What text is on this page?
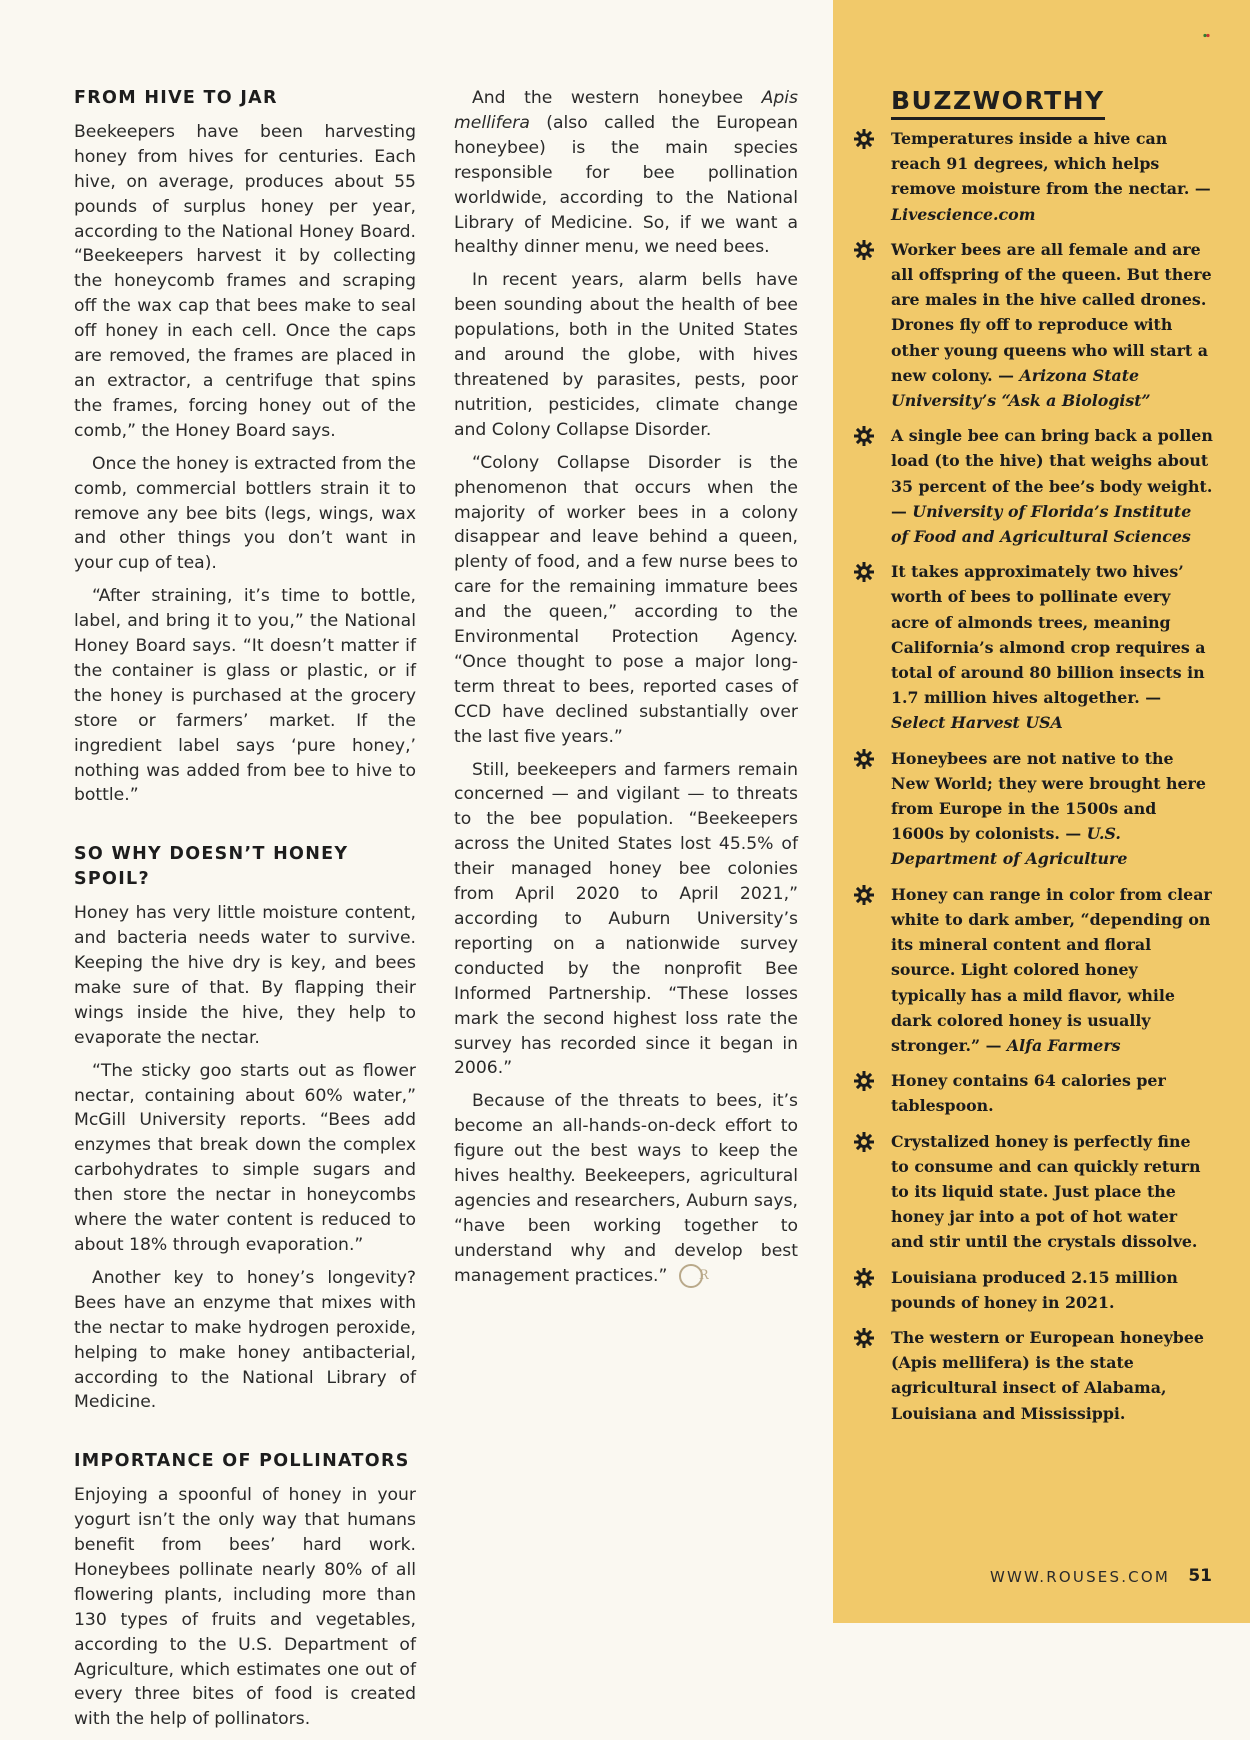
FROM HIVE TO JAR

Beekeepers have been harvesting honey from hives for centuries. Each hive, on average, produces about 55 pounds of surplus honey per year, according to the National Honey Board. “Beekeepers harvest it by collecting the honeycomb frames and scraping off the wax cap that bees make to seal off honey in each cell. Once the caps are removed, the frames are placed in an extractor, a centrifuge that spins the frames, forcing honey out of the comb,” the Honey Board says.

Once the honey is extracted from the comb, commercial bottlers strain it to remove any bee bits (legs, wings, wax and other things you don’t want in your cup of tea).

“After straining, it’s time to bottle, label, and bring it to you,” the National Honey Board says. “It doesn’t matter if the container is glass or plastic, or if the honey is purchased at the grocery store or farmers’ market. If the ingredient label says ‘pure honey,’ nothing was added from bee to hive to bottle.”

SO WHY DOESN’T HONEY SPOIL?

Honey has very little moisture content, and bacteria needs water to survive. Keeping the hive dry is key, and bees make sure of that. By flapping their wings inside the hive, they help to evaporate the nectar.

“The sticky goo starts out as flower nectar, containing about 60% water,” McGill University reports. “Bees add enzymes that break down the complex carbohydrates to simple sugars and then store the nectar in honeycombs where the water content is reduced to about 18% through evaporation.”

Another key to honey’s longevity? Bees have an enzyme that mixes with the nectar to make hydrogen peroxide, helping to make honey antibacterial, according to the National Library of Medicine.

IMPORTANCE OF POLLINATORS

Enjoying a spoonful of honey in your yogurt isn’t the only way that humans benefit from bees’ hard work. Honeybees pollinate nearly 80% of all flowering plants, including more than 130 types of fruits and vegetables, according to the U.S. Department of Agriculture, which estimates one out of every three bites of food is created with the help of pollinators.

And the western honeybee Apis mellifera (also called the European honeybee) is the main species responsible for bee pollination worldwide, according to the National Library of Medicine. So, if we want a healthy dinner menu, we need bees.

In recent years, alarm bells have been sounding about the health of bee populations, both in the United States and around the globe, with hives threatened by parasites, pests, poor nutrition, pesticides, climate change and Colony Collapse Disorder.

“Colony Collapse Disorder is the phenomenon that occurs when the majority of worker bees in a colony disappear and leave behind a queen, plenty of food, and a few nurse bees to care for the remaining immature bees and the queen,” according to the Environmental Protection Agency. “Once thought to pose a major long-term threat to bees, reported cases of CCD have declined substantially over the last five years.”

Still, beekeepers and farmers remain concerned — and vigilant — to threats to the bee population. “Beekeepers across the United States lost 45.5% of their managed honey bee colonies from April 2020 to April 2021,” according to Auburn University’s reporting on a nationwide survey conducted by the nonprofit Bee Informed Partnership. “These losses mark the second highest loss rate the survey has recorded since it began in 2006.”

Because of the threats to bees, it’s become an all-hands-on-deck effort to figure out the best ways to keep the hives healthy. Beekeepers, agricultural agencies and researchers, Auburn says, “have been working together to understand why and develop best management practices.” R

BUZZWORTHY
Temperatures inside a hive can reach 91 degrees, which helps remove moisture from the nectar. — Livescience.com
Worker bees are all female and are all offspring of the queen. But there are males in the hive called drones. Drones fly off to reproduce with other young queens who will start a new colony. — Arizona State University’s “Ask a Biologist”
A single bee can bring back a pollen load (to the hive) that weighs about 35 percent of the bee’s body weight. — University of Florida’s Institute of Food and Agricultural Sciences
It takes approximately two hives’ worth of bees to pollinate every acre of almonds trees, meaning California’s almond crop requires a total of around 80 billion insects in 1.7 million hives altogether. — Select Harvest USA
Honeybees are not native to the New World; they were brought here from Europe in the 1500s and 1600s by colonists. — U.S. Department of Agriculture
Honey can range in color from clear white to dark amber, “depending on its mineral content and floral source. Light colored honey typically has a mild flavor, while dark colored honey is usually stronger.” — Alfa Farmers
Honey contains 64 calories per tablespoon.
Crystalized honey is perfectly fine to consume and can quickly return to its liquid state. Just place the honey jar into a pot of hot water and stir until the crystals dissolve.
Louisiana produced 2.15 million pounds of honey in 2021.
The western or European honeybee (Apis mellifera) is the state agricultural insect of Alabama, Louisiana and Mississippi.
WWW.ROUSES.COM 51
